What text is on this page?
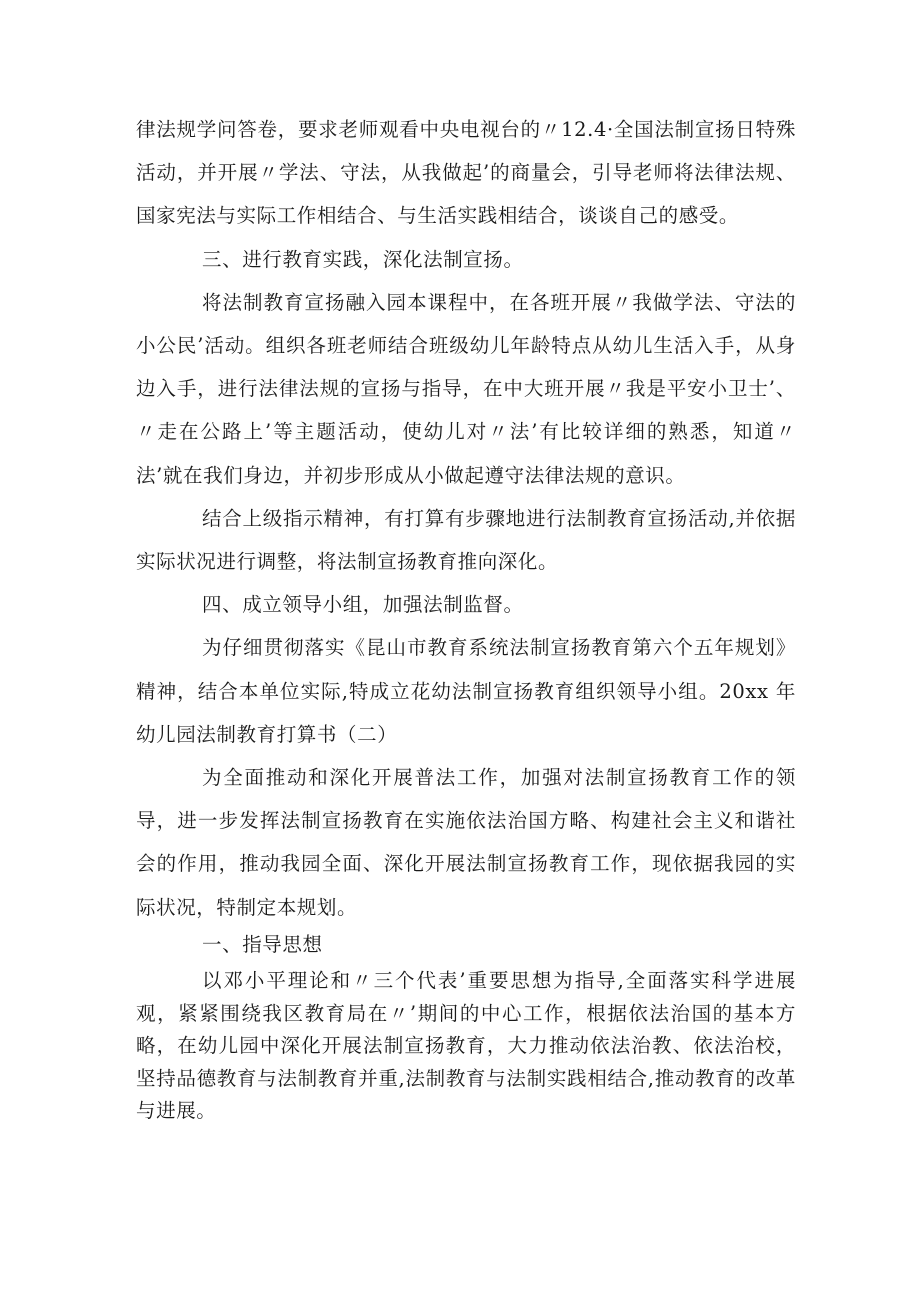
律法规学问答卷，要求老师观看中央电视台的〃12.4·全国法制宣扬日特殊活动，并开展〃学法、守法，从我做起’的商量会，引导老师将法律法规、国家宪法与实际工作相结合、与生活实践相结合，谈谈自己的感受。

三、进行教育实践，深化法制宣扬。

将法制教育宣扬融入园本课程中，在各班开展〃我做学法、守法的小公民’活动。组织各班老师结合班级幼儿年龄特点从幼儿生活入手，从身边入手，进行法律法规的宣扬与指导，在中大班开展〃我是平安小卫士’、〃走在公路上’等主题活动，使幼儿对〃法’有比较详细的熟悉，知道〃法’就在我们身边，并初步形成从小做起遵守法律法规的意识。

结合上级指示精神，有打算有步骤地进行法制教育宣扬活动,并依据实际状况进行调整，将法制宣扬教育推向深化。

四、成立领导小组，加强法制监督。

为仔细贯彻落实《昆山市教育系统法制宣扬教育第六个五年规划》精神，结合本单位实际,特成立花幼法制宣扬教育组织领导小组。20xx 年幼儿园法制教育打算书（二）

为全面推动和深化开展普法工作，加强对法制宣扬教育工作的领导，进一步发挥法制宣扬教育在实施依法治国方略、构建社会主义和谐社会的作用，推动我园全面、深化开展法制宣扬教育工作，现依据我园的实际状况，特制定本规划。

一、指导思想

以邓小平理论和〃三个代表’重要思想为指导,全面落实科学进展观，紧紧围绕我区教育局在〃’期间的中心工作，根据依法治国的基本方略，在幼儿园中深化开展法制宣扬教育，大力推动依法治教、依法治校，坚持品德教育与法制教育并重,法制教育与法制实践相结合,推动教育的改革与进展。
